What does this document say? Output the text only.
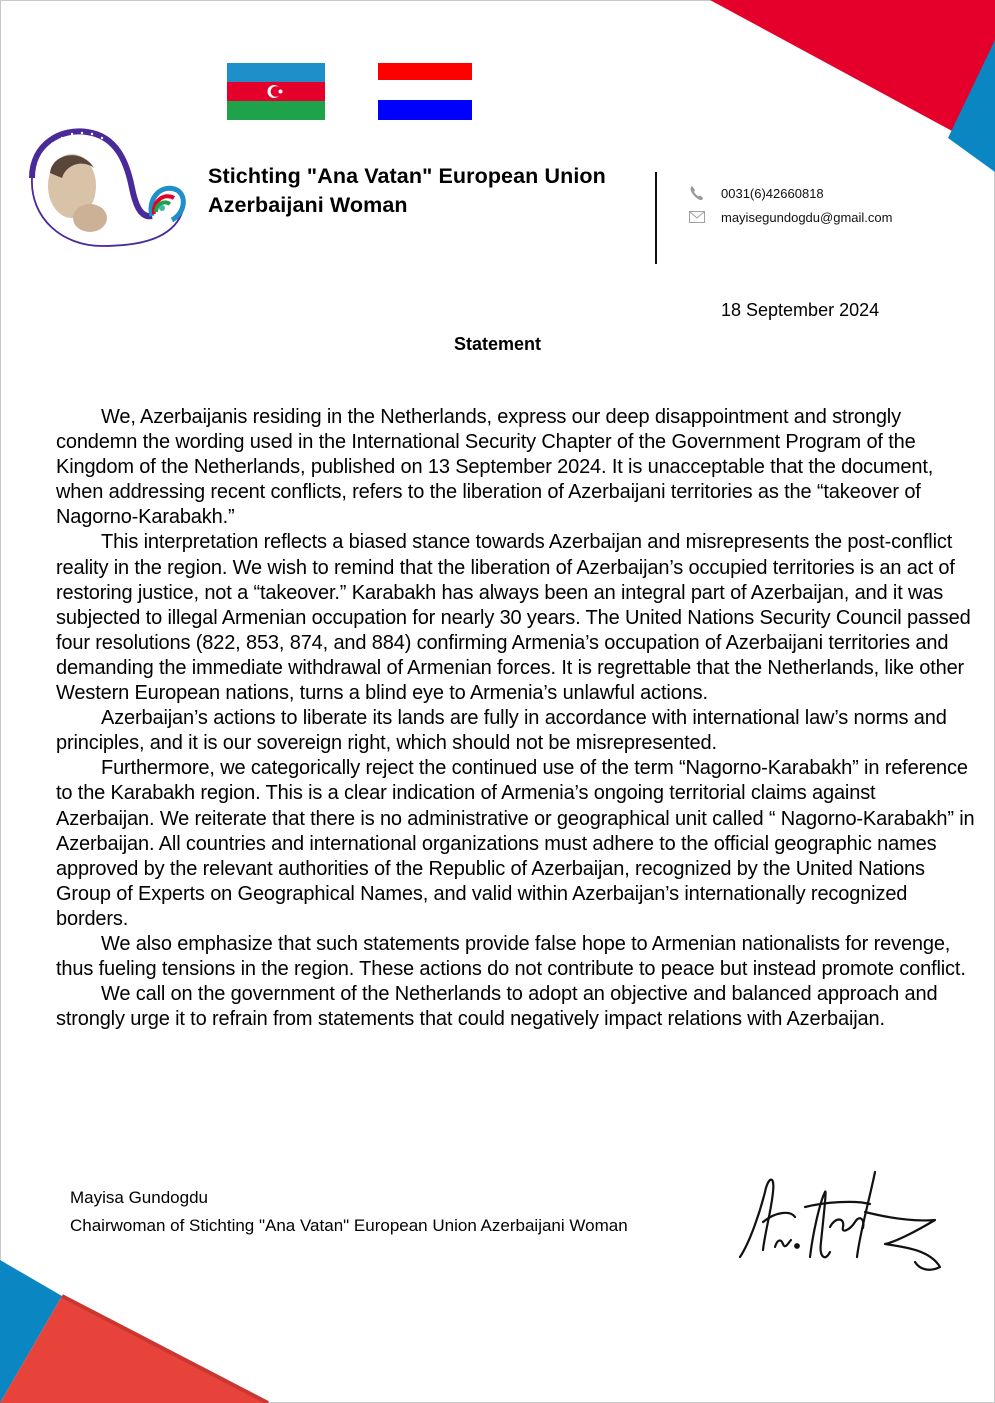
Stichting "Ana Vatan" European Union
Azerbaijani Woman	0031(6)42660818
mayisegundogdu@gmail.com
18 September 2024
Statement

We, Azerbaijanis residing in the Netherlands, express our deep disappointment and strongly condemn the wording used in the International Security Chapter of the Government Program of the Kingdom of the Netherlands, published on 13 September 2024. It is unacceptable that the document, when addressing recent conflicts, refers to the liberation of Azerbaijani territories as the “takeover of Nagorno-Karabakh.”

This interpretation reflects a biased stance towards Azerbaijan and misrepresents the post-conflict reality in the region. We wish to remind that the liberation of Azerbaijan’s occupied territories is an act of restoring justice, not a “takeover.” Karabakh has always been an integral part of Azerbaijan, and it was subjected to illegal Armenian occupation for nearly 30 years. The United Nations Security Council passed four resolutions (822, 853, 874, and 884) confirming Armenia’s occupation of Azerbaijani territories and demanding the immediate withdrawal of Armenian forces. It is regrettable that the Netherlands, like other Western European nations, turns a blind eye to Armenia’s unlawful actions.

Azerbaijan’s actions to liberate its lands are fully in accordance with international law’s norms and principles, and it is our sovereign right, which should not be misrepresented.

Furthermore, we categorically reject the continued use of the term “Nagorno-Karabakh” in reference to the Karabakh region. This is a clear indication of Armenia’s ongoing territorial claims against Azerbaijan. We reiterate that there is no administrative or geographical unit called “ Nagorno-Karabakh” in Azerbaijan. All countries and international organizations must adhere to the official geographic names approved by the relevant authorities of the Republic of Azerbaijan, recognized by the United Nations Group of Experts on Geographical Names, and valid within Azerbaijan’s internationally recognized borders.

We also emphasize that such statements provide false hope to Armenian nationalists for revenge, thus fueling tensions in the region. These actions do not contribute to peace but instead promote conflict.

We call on the government of the Netherlands to adopt an objective and balanced approach and strongly urge it to refrain from statements that could negatively impact relations with Azerbaijan.

Mayisa Gundogdu
Chairwoman of Stichting "Ana Vatan" European Union Azerbaijani Woman
